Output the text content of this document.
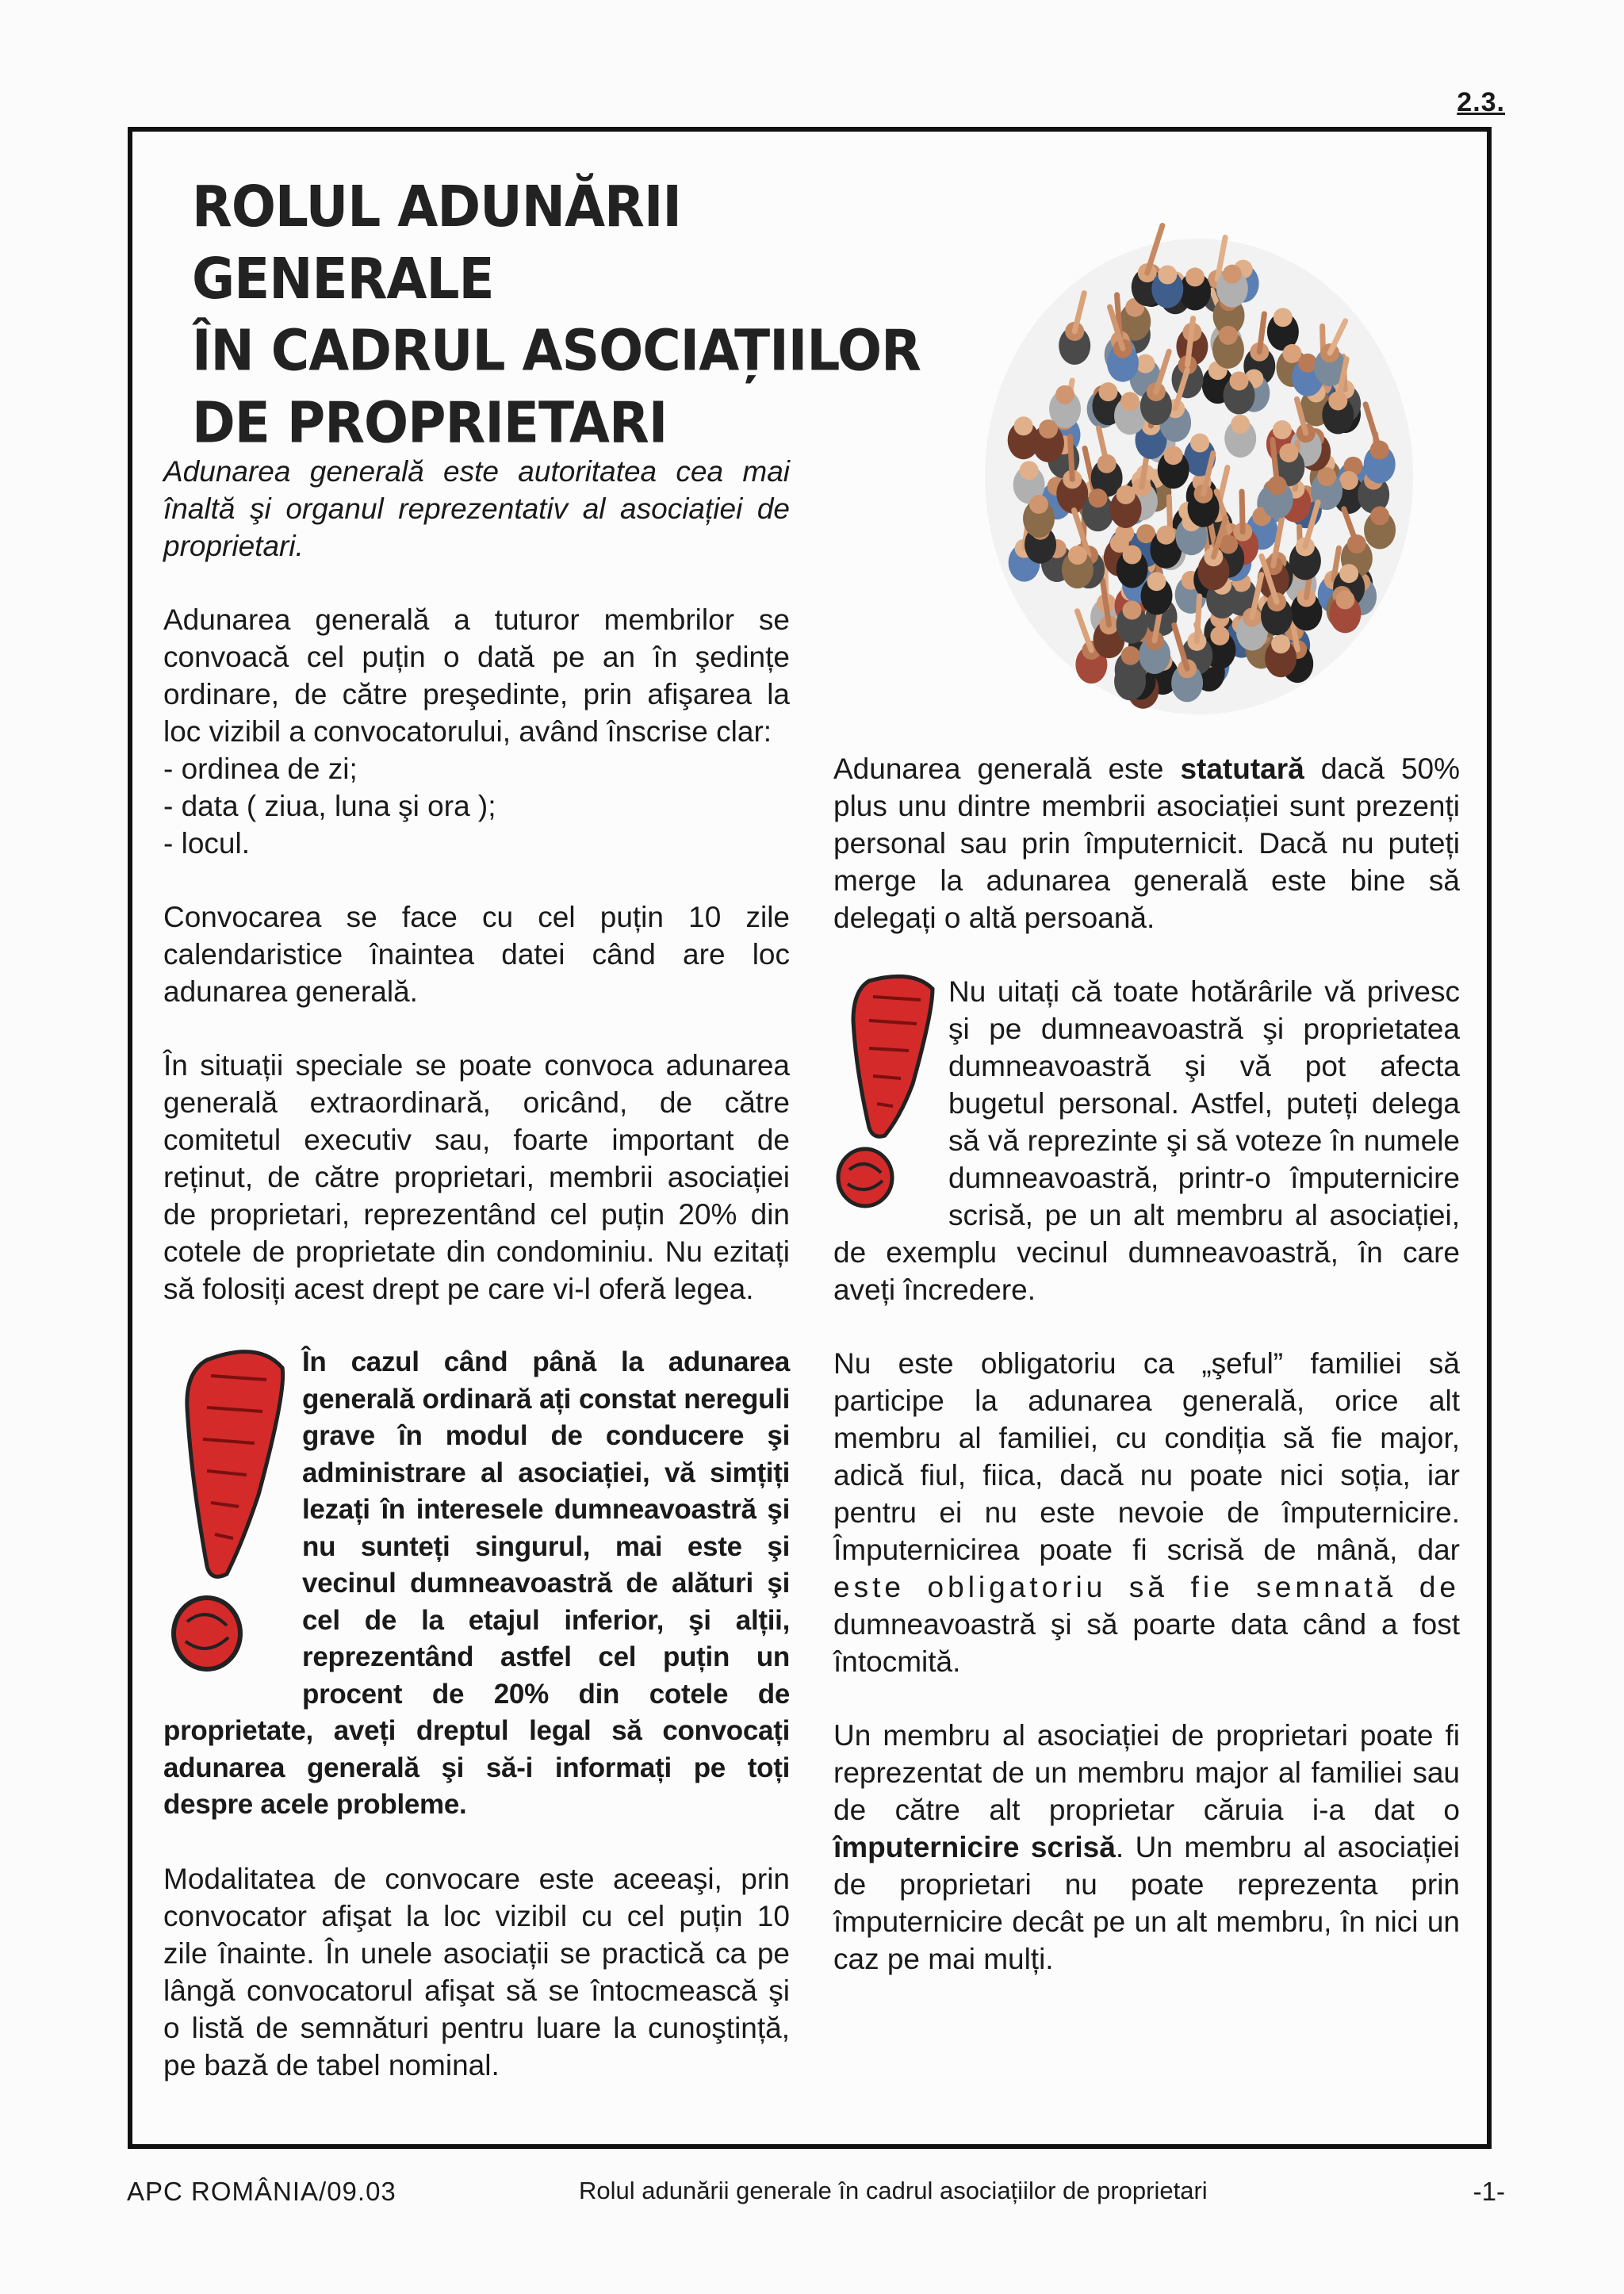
2.3.
ROLUL ADUNĂRII GENERALE
ÎN CADRUL ASOCIAȚIILOR
DE PROPRIETARI

Adunarea generală este autoritatea cea mai înaltă şi organul reprezentativ al asociației de proprietari.

Adunarea generală a tuturor membrilor se convoacă cel puțin o dată pe an în şedințe ordinare, de către preşedinte, prin afişarea la loc vizibil a convocatorului, având înscrise clar:

- ordinea de zi;
- data ( ziua, luna şi ora );
- locul.

Convocarea se face cu cel puțin 10 zile calendaristice înaintea datei când are loc adunarea generală.

În situații speciale se poate convoca adunarea generală extraordinară, oricând, de către comitetul executiv sau, foarte important de reținut, de către proprietari, membrii asociației de proprietari, reprezentând cel puțin 20% din cotele de proprietate din condominiu. Nu ezitați să folosiți acest drept pe care vi-l oferă legea.

În cazul când până la adunarea generală ordinară ați constat nereguli grave în modul de conducere şi administrare al asociației, vă simțiți lezați în interesele dumneavoastră şi nu sunteți singurul, mai este şi vecinul dumneavoastră de alături şi cel de la etajul inferior, şi alții, reprezentând astfel cel puțin un procent de 20% din cotele de proprietate, aveți dreptul legal să convocați adunarea generală şi să-i informați pe toți despre acele probleme.

Modalitatea de convocare este aceeaşi, prin convocator afişat la loc vizibil cu cel puțin 10 zile înainte. În unele asociații se practică ca pe lângă convocatorul afişat să se întocmească şi o listă de semnături pentru luare la cunoştință, pe bază de tabel nominal.

Adunarea generală este statutară dacă 50% plus unu dintre membrii asociației sunt prezenți personal sau prin împuternicit. Dacă nu puteți merge la adunarea generală este bine să delegați o altă persoană.

Nu uitați că toate hotărârile vă privesc şi pe dumneavoastră şi proprietatea dumneavoastră şi vă pot afecta bugetul personal. Astfel, puteți delega să vă reprezinte şi să voteze în numele dumneavoastră, printr-o împuternicire scrisă, pe un alt membru al asociației, de exemplu vecinul dumneavoastră, în care aveți încredere.

Nu este obligatoriu ca „şeful” familiei să participe la adunarea generală, orice alt membru al familiei, cu condiția să fie major, adică fiul, fiica, dacă nu poate nici soția, iar pentru ei nu este nevoie de împuternicire. Împuternicirea poate fi scrisă de mână, dar este obligatoriu să fie semnată de dumneavoastră şi să poarte data când a fost întocmită.

Un membru al asociației de proprietari poate fi reprezentat de un membru major al familiei sau de către alt proprietar căruia i-a dat o împuternicire scrisă. Un membru al asociației de proprietari nu poate reprezenta prin împuternicire decât pe un alt membru, în nici un caz pe mai mulți.

APC ROMÂNIA/09.03	Rolul adunării generale în cadrul asociațiilor de proprietari	-1-
